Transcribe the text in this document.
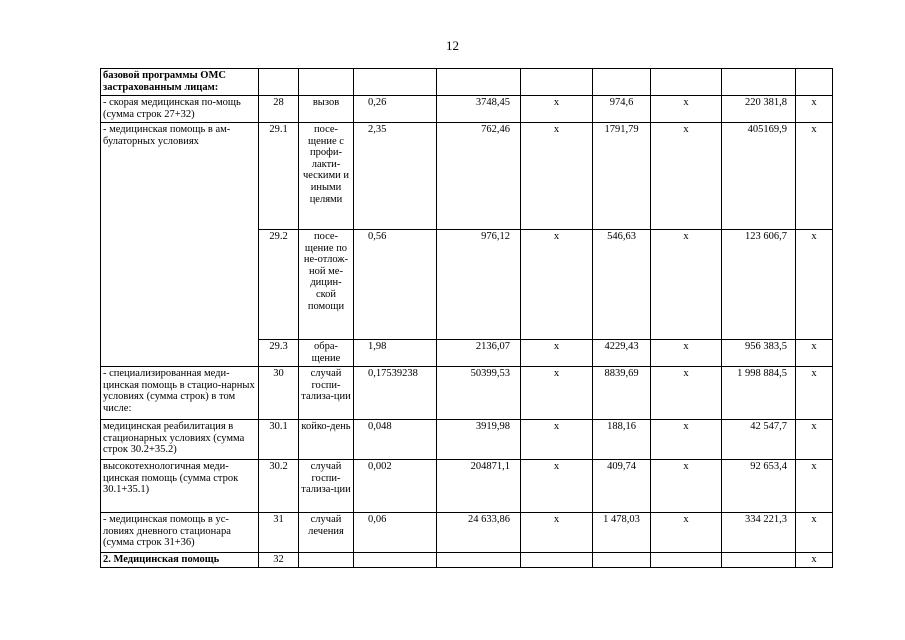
12
базовой программы ОМС застрахованным лицам:									
- скорая медицинская по-мощь (сумма строк 27+32)	28	вызов	0,26	3748,45	х	974,6	х	220 381,8	х
- медицинская помощь в ам-булаторных условиях	29.1	посе-щение с профи-лакти-ческими и иными целями	2,35	762,46	х	1791,79	х	405169,9	х
	29.2	посе-щение по не-отлож-ной ме-дицин-ской помощи	0,56	976,12	х	546,63	х	123 606,7	х
	29.3	обра-щение	1,98	2136,07	х	4229,43	х	956 383,5	х
- специализированная меди-цинская помощь в стацио-нарных условиях (сумма строк) в том числе:	30	случай госпи-тализа-ции	0,17539238	50399,53	х	8839,69	х	1 998 884,5	х
медицинская реабилитация в стационарных условиях (сумма строк 30.2+35.2)	30.1	койко-день	0,048	3919,98	х	188,16	х	42 547,7	х
высокотехнологичная меди-цинская помощь (сумма строк 30.1+35.1)	30.2	случай госпи-тализа-ции	0,002	204871,1	х	409,74	х	92 653,4	х
- медицинская помощь в ус-ловиях дневного стационара (сумма строк 31+36)	31	случай лечения	0,06	24 633,86	х	1 478,03	х	334 221,3	х
2. Медицинская помощь	32								х
